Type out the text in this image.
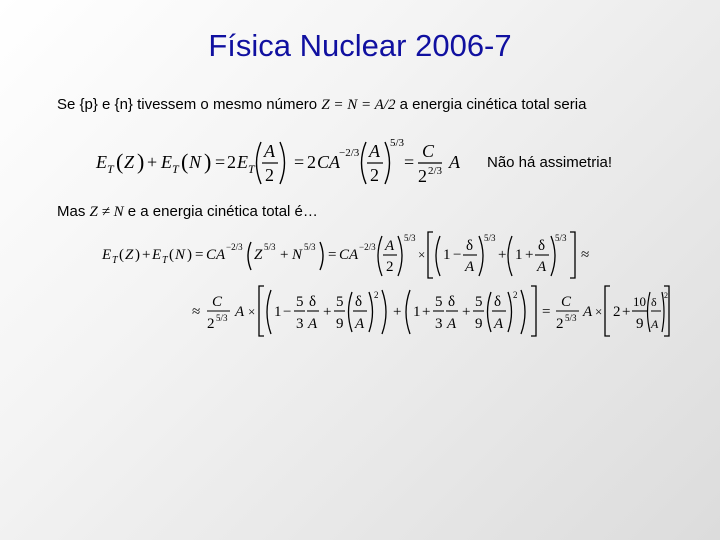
Física Nuclear 2006-7
Se {p} e {n} tivessem o mesmo número Z = N = A/2 a energia cinética total seria
E T ( Z ) + E T ( N ) = 2 E T
A
2
= 2 CA
−2/3 A
2
5/3
=
C
2 2/3 A Não há assimetria!
Mas Z ≠ N e a energia cinética total é…
E T ( Z ) + E T ( N ) = CA −2/3 Z 5/3 + N 5/3 = CA −2/3 A
2
5/3
× 1 −
δ
A
5/3
+ 1 +
δ
A
5/3
≈
≈
C
2 5/3 A × 1 −
5
3
δ
A
+
5
9
δ
A
2
+ 1 +
5
3
δ
A
+
5
9
δ
A
2
=
C
2 5/3 A × 2 +
10
9
δ
A
2
